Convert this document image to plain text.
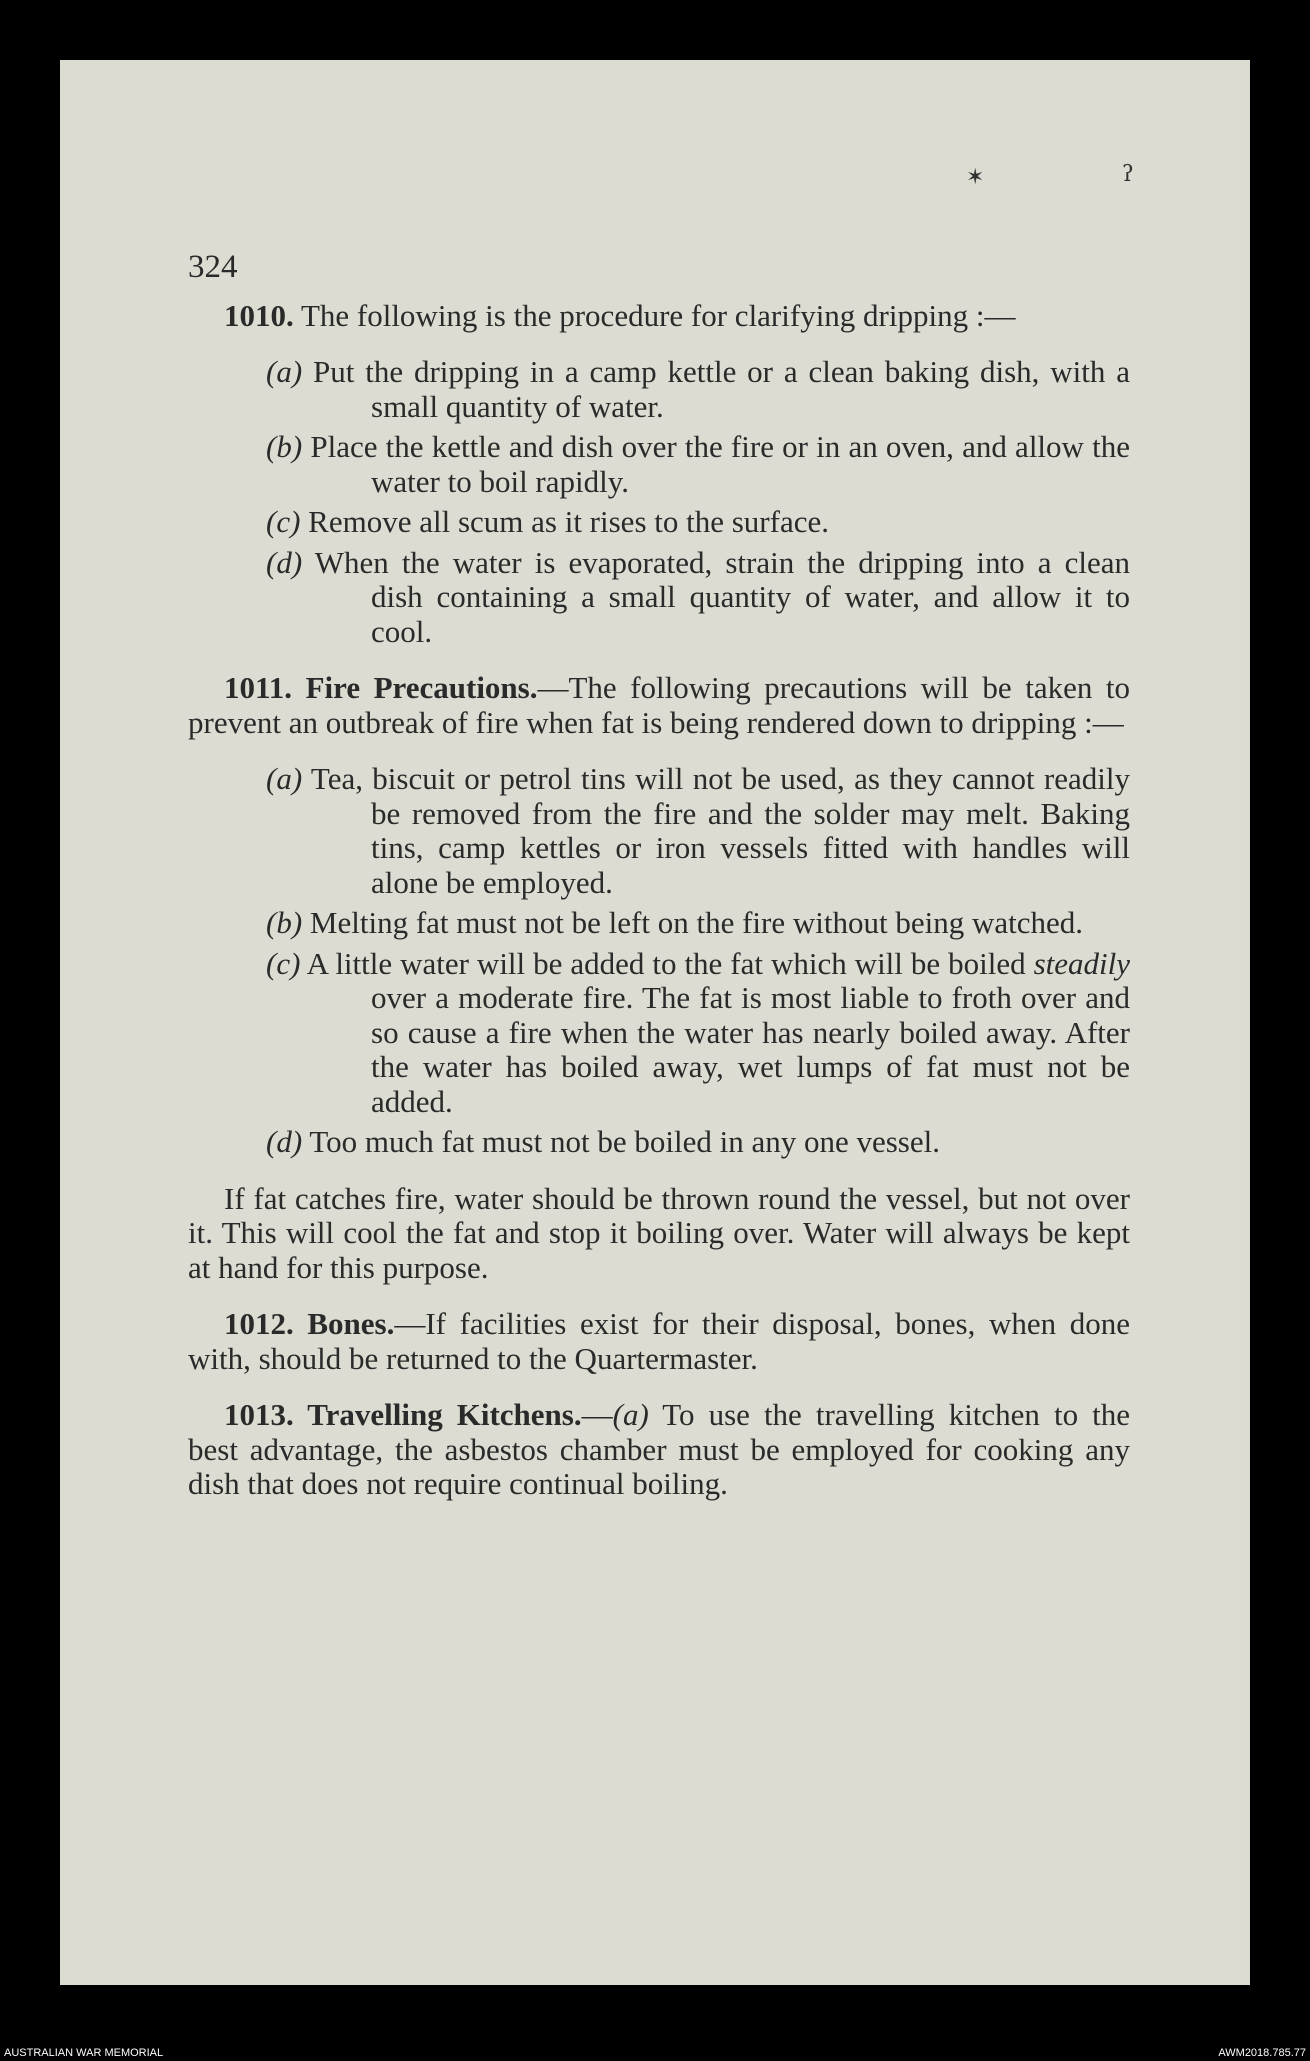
✶	ʔ
324

1010. The following is the procedure for clarifying dripping :—

(a) Put the dripping in a camp kettle or a clean baking dish, with a small quantity of water.
(b) Place the kettle and dish over the fire or in an oven, and allow the water to boil rapidly.
(c) Remove all scum as it rises to the surface.
(d) When the water is evaporated, strain the dripping into a clean dish containing a small quantity of water, and allow it to cool.

1011. Fire Precautions.—The following precautions will be taken to prevent an outbreak of fire when fat is being rendered down to dripping :—

(a) Tea, biscuit or petrol tins will not be used, as they cannot readily be removed from the fire and the solder may melt. Baking tins, camp kettles or iron vessels fitted with handles will alone be employed.
(b) Melting fat must not be left on the fire without being watched.
(c) A little water will be added to the fat which will be boiled steadily over a moderate fire. The fat is most liable to froth over and so cause a fire when the water has nearly boiled away. After the water has boiled away, wet lumps of fat must not be added.
(d) Too much fat must not be boiled in any one vessel.

If fat catches fire, water should be thrown round the vessel, but not over it. This will cool the fat and stop it boiling over. Water will always be kept at hand for this purpose.

1012. Bones.—If facilities exist for their disposal, bones, when done with, should be returned to the Quartermaster.

1013. Travelling Kitchens.—(a) To use the travelling kitchen to the best advantage, the asbestos chamber must be employed for cooking any dish that does not require continual boiling.

AUSTRALIAN WAR MEMORIAL	AWM2018.785.77
